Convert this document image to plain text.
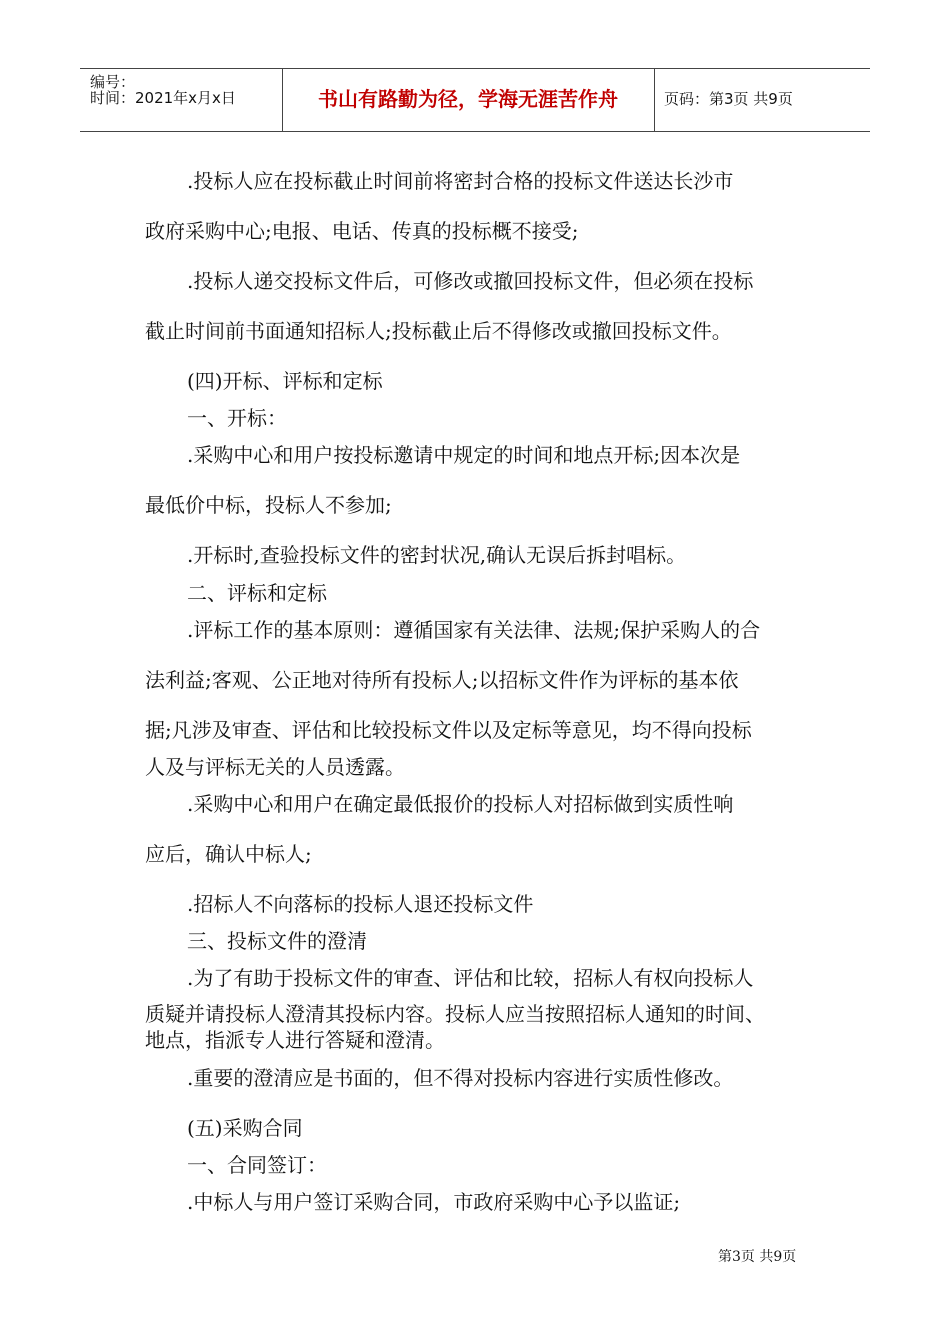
编号：
时间：2021年x月x日	书山有路勤为径，学海无涯苦作舟	页码：第3页 共9页
.投标人应在投标截止时间前将密封合格的投标文件送达长沙市
政府采购中心;电报、电话、传真的投标概不接受;
.投标人递交投标文件后，可修改或撤回投标文件，但必须在投标
截止时间前书面通知招标人;投标截止后不得修改或撤回投标文件。
(四)开标、评标和定标
一、开标：
.采购中心和用户按投标邀请中规定的时间和地点开标;因本次是
最低价中标，投标人不参加;
.开标时,查验投标文件的密封状况,确认无误后拆封唱标。
二、评标和定标
.评标工作的基本原则：遵循国家有关法律、法规;保护采购人的合
法利益;客观、公正地对待所有投标人;以招标文件作为评标的基本依
据;凡涉及审查、评估和比较投标文件以及定标等意见，均不得向投标
人及与评标无关的人员透露。
.采购中心和用户在确定最低报价的投标人对招标做到实质性响
应后，确认中标人;
.招标人不向落标的投标人退还投标文件
三、投标文件的澄清
.为了有助于投标文件的审查、评估和比较，招标人有权向投标人
质疑并请投标人澄清其投标内容。投标人应当按照招标人通知的时间、
地点，指派专人进行答疑和澄清。
.重要的澄清应是书面的，但不得对投标内容进行实质性修改。
(五)采购合同
一、合同签订：
.中标人与用户签订采购合同，市政府采购中心予以监证;
第3页 共9页
